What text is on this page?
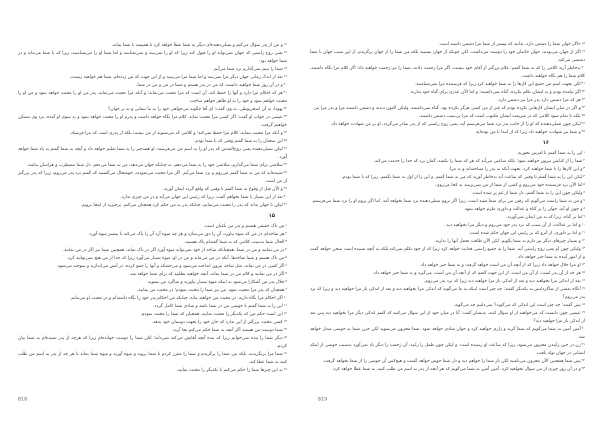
$^{۱۶}$‏و من از پدر سؤال می‌کنم و تسلی‌دهنده‌ای دیگر به شما عطا خواهد کرد تا همیشه با شما بماند،

$^{۱۷}$‏یعنی روح راستی که جهان نمی‌تواند او را قبول کند زیرا که او را نمی‌بیند و نمی‌شناسد و اما شما او را می‌شناسید، زیرا که با شما می‌ماند و در شما خواهد بود.

$^{۱۸}$‏شما را یتیم نمی‌گذارم نزد شما می‌آیم.

$^{۱۹}$‏بعد از اندک زمانی جهان دیگر مرا نمی‌بیند و اما شما مرا می‌بینید و از این جهت که من زنده‌ام، شما هم خواهید زیست.

$^{۲۰}$‏و در آن روز شما خواهید دانست که من در پدر هستم و شما در من و من در شما.

$^{۲۱}$‏هر که احکام مرا دارد و آنها را حفظ کند، آن است که مرا محبت می‌نماید؛ و آنکه مرا محبت می‌نماید، پدر من او را محبت خواهد نمود و من او را محبت خواهم نمود و خود را به او ظاهر خواهم ساخت.

$^{۲۲}$‏یهودا، نه آن اسخریوطی، به وی گفت: ای آقا چگونه می‌خواهی خود را به ما بنمایی و نه بر جهان؟

$^{۲۳}$‏عیسی در جواب او گفت: اگر کسی مرا محبت نماید، کلام مرا نگاه خواهد داشت و پدرم او را محبت خواهد نمود و به سوی او آمده، نزد وی مسکن خواهیم گرفت.

$^{۲۴}$‏و آنکه مرا محبت ننماید، کلام مرا حفظ نمی‌کند؛ و کلامی که می‌شنوید از من نیست بلکه از پدری است که مرا فرستاد.

$^{۲۵}$‏این سخنان را به شما گفتم وقتی که با شما بودم.

$^{۲۶}$‏لیکن تسلی‌دهنده یعنی روح‌القدس که پدر او را به اسم من می‌فرستد، او همه‌چیز را به شما تعلیم خواهد داد و آنچه به شما گفتم به یاد شما خواهد آورد.

$^{۲۷}$‏سلامتی برای شما می‌گذارم، سلامتی خود را به شما می‌دهم. نه چنانکه جهان می‌دهد، من به شما می‌دهم. دل شما مضطرب و هراسان نباشد.

$^{۲۸}$‏شنیده‌اید که من به شما گفتم می‌روم و نزد شما می‌آیم. اگر مرا محبت می‌نمودید، خوشحال می‌گشتید که گفتم نزد پدر می‌روم، زیرا که پدر بزرگتر از من است.

$^{۲۹}$‏و الآن قبل از وقوع به شما گفتم تا وقتی که واقع گردد ایمان آورید.

$^{۳۰}$‏بعد از این بسیار با شما نخواهم گفت، زیرا که رئیس این جهان می‌آید و در من چیزی ندارد.

$^{۳۱}$‏لیکن تا جهان بداند که پدر را محبت می‌نمایم، چنانکه پدر به من حکم کرد همچنان می‌کنم. برخیزید از اینجا برویم.

۱۵

$^۱$‏من تاک حقیقی هستم و پدر من باغبان است.

$^۲$‏هر شاخه‌ای در من که میوه نیاورد، آن را دور می‌سازد و هر چه میوه آرد آن را پاک می‌کند تا بیشتر میوه آورد.

$^۳$‏الحال شما به‌سبب کلامی که به شما گفته‌ام پاک هستید.

$^۴$‏در من بمانید و من در شما. همچنانکه شاخه از خود نمی‌تواند میوه آورد اگر در تاک نماند، همچنین شما نیز اگر در من نمانید.

$^۵$‏من تاک هستم و شما شاخه‌ها. آنکه در من می‌ماند و من در او، میوه بسیار می‌آورد زیرا که جدا از من هیچ نمی‌توانید کرد.

$^۶$‏اگر کسی در من نماند، مثل شاخه بیرون انداخته می‌شود و می‌خشکد و آنها را جمع کرده، در آتش می‌اندازند و سوخته می‌شود.

$^۷$‏اگر در من بمانید و کلام من در شما بماند، آنچه خواهید بطلبید که برای شما خواهد شد.

$^۸$‏جلال پدر من آشکارا می‌شود به اینکه میوه بسیار بیاورید و شاگرد من بشوید.

$^۹$‏همچنان که پدر مرا محبت نمود، من نیز شما را محبت نمودم؛ در محبت من بمانید.

$^{۱۰}$‏اگر احکام مرا نگاه دارید، در محبت من خواهید ماند، چنانکه من احکام پدر خود را نگاه داشته‌ام و در محبت او می‌مانم.

$^{۱۱}$‏این را به شما گفتم تا خوشی من در شما باشد و شادی شما کامل گردد.

$^{۱۲}$‏این است حکم من که یکدیگر را محبت نمایید، همچنان که شما را محبت نمودم.

$^{۱۳}$‏کسی محبت بزرگتر از این ندارد که جان خود را بجهت دوستان خود بدهد.

$^{۱۴}$‏شما دوست من هستید اگر آنچه به شما حکم می‌کنم بجا آرید.

$^{۱۵}$‏دیگر شما را بنده نمی‌خوانم زیرا که بنده آنچه آقایش می‌کند نمی‌داند؛ لکن شما را دوست خوانده‌ام زیرا که هرچه از پدر شنیده‌ام به شما بیان کردم.

$^{۱۶}$‏شما مرا برنگزیدید، بلکه من شما را برگزیدم و شما را مقرر کردم تا شما بروید و میوه آورید و میوه شما بماند تا هر چه از پدر به اسم من طلب کنید به شما عطا کند.

$^{۱۷}$‏به این چیزها شما را حکم می‌کنم تا یکدیگر را محبت نمایید.

$^{۱۸}$‏«اگر جهان شما را دشمن دارد، بدانید که پیشتر از شما مرا دشمن داشته است.

$^{۱۹}$‏اگر از جهان می‌بودید، جهان خاصان خود را دوست می‌داشت. لکن چونکه از جهان نیستید بلکه من شما را از جهان برگزیدم، از این سبب جهان با شما دشمنی می‌کند.

$^{۲۰}$‏به‌خاطر آرید کلامی را که به شما گفتم: غلام بزرگتر از آقای خود نیست. اگر مرا زحمت دادند، شما را نیز زحمت خواهند داد؛ اگر کلام مرا نگاه داشتند، کلام شما را هم نگاه خواهند داشت.

$^{۲۱}$‏لکن بجهت اسم من جمیع این کارها را به شما خواهند کرد زیرا که فرستنده مرا نمی‌شناسند.

$^{۲۲}$‏اگر نیامده بودم و به ایشان تکلم نکرده، گناه نمی‌داشتند؛ و اما الآن عذری برای گناه خود ندارند.

$^{۲۳}$‏هر که مرا دشمن دارد پدر مرا نیز دشمن دارد.

$^{۲۴}$‏و اگر در میان ایشان کارهایی نکرده بودم که غیر از من کسی هرگز نکرده بود، گناه نمی‌داشتند. ولیکن اکنون دیدند و دشمن داشتند مرا و پدر مرا نیز.

$^{۲۵}$‏بلکه تا تمام شود کلامی که در شریعت ایشان مکتوب است که مرا بی‌سبب دشمن داشتند.

$^{۲۶}$‏لیکن چون تسلی‌دهنده که او را از جانب پدر نزد شما می‌فرستم آید، یعنی روح راستی که از پدر صادر می‌گردد، او بر من شهادت خواهد داد.

$^{۲۷}$‏و شما نیز شهادت خواهید داد زیرا که از ابتدا با من بوده‌اید.

۱۶

$^۱$‏این را به شما گفتم تا لغزش نخورید.

$^۲$‏شما را از کنایس بیرون خواهند نمود؛ بلکه ساعتی می‌آید که هر که شما را بکشد، گمان برد که خدا را خدمت می‌کند.

$^۳$‏و این کارها را با شما خواهند کرد، بجهت آنکه نه پدر را شناخته‌اند و نه مرا.

$^۴$‏لیکن این را به شما گفتم تا وقتی که ساعت آید به‌خاطر آورید که من به شما گفتم. و این را از اول به شما نگفتم، زیرا که با شما بودم.

$^۵$‏اما الآن نزد فرستنده خود می‌روم و کسی از شما از من نمی‌پرسد به کجا می‌روی.

$^۶$‏ولیکن چون این را به شما گفتم، دل شما از غم پر شده است.

$^۷$‏و من به شما راست می‌گویم که رفتن من برای شما مفید است، زیرا اگر نروم تسلی‌دهنده نزد شما نخواهد آمد. اما اگر بروم او را نزد شما می‌فرستم.

$^۸$‏و چون او آید، جهان را بر گناه و عدالت و داوری ملزم خواهد نمود.

$^۹$‏اما بر گناه، زیرا که به من ایمان نمی‌آورند.

$^{۱۰}$‏و اما بر عدالت، از آن سبب که نزد پدر خود می‌روم و دیگر مرا نخواهید دید.

$^{۱۱}$‏و اما بر داوری، از آنرو که بر رئیس این جهان حکم شده است.

$^{۱۲}$‏و بسیار چیزهای دیگر نیز دارم به شما بگویم، لکن الآن طاقت تحمل آنها را ندارید.

$^{۱۳}$‏ولیکن چون او یعنی روح راستی آید، شما را به جمیع راستی هدایت خواهد کرد زیرا که از خود تکلم نمی‌کند بلکه به آنچه شنیده است سخن خواهد گفت و از امور آینده به شما خبر خواهد داد.

$^{۱۴}$‏او مرا جلال خواهد داد زیرا که از آنچه آن من است خواهد گرفت و به شما خبر خواهد داد.

$^{۱۵}$‏هر چه از آن پدر است، از آن من است. از این جهت گفتم که از آنچه آن من است، می‌گیرد و به شما خبر خواهد داد.

$^{۱۶}$‏بعد از اندکی مرا نخواهید دید و بعد از اندکی باز مرا خواهید دید زیرا که نزد پدر می‌روم.

$^{۱۷}$‏آنگاه بعضی از شاگردانش به یکدیگر گفتند: چه چیز است اینکه به ما می‌گوید که اندکی مرا نخواهید دید و بعد از اندکی باز مرا خواهید دید و زیرا که نزد پدر می‌روم؟

$^{۱۸}$‏پس گفتند: چه چیز است این اندکی که می‌گوید؟ نمی‌دانیم چه می‌گوید.

$^{۱۹}$‏عیسی چون دانست که می‌خواهند از او سؤال کنند، بدیشان گفت: آیا در میان خود از این سؤال می‌کنید که گفتم اندکی دیگر مرا نخواهید دید پس بعد از اندکی باز مرا خواهید دید؟

$^{۲۰}$‏آمین آمین به شما می‌گویم که شما گریه و زاری خواهید کرد و جهان شادی خواهد نمود. شما محزون می‌شوید لکن حزن شما به خوشی مبدل خواهد شد.

$^{۲۱}$‏زن در حین زاییدن محزون می‌شود، زیرا که ساعت او رسیده است. و لیکن چون طفل را زایید، آن زحمت را دیگر یاد نمی‌آورد به‌سبب خوشی از اینکه انسانی در جهان تولد یافت.

$^{۲۲}$‏پس شما همچنین الآن محزون می‌باشید لکن باز شما را خواهم دید و دل شما خوش خواهد گشت و هیچ‌کس آن خوشی را از شما نخواهد گرفت.

$^{۲۳}$‏و در آن روز چیزی از من سؤال نخواهید کرد. آمین آمین به شما می‌گویم که هر آنچه از پدر به اسم من طلب کنید، به شما عطا خواهد کرد.

818	819
